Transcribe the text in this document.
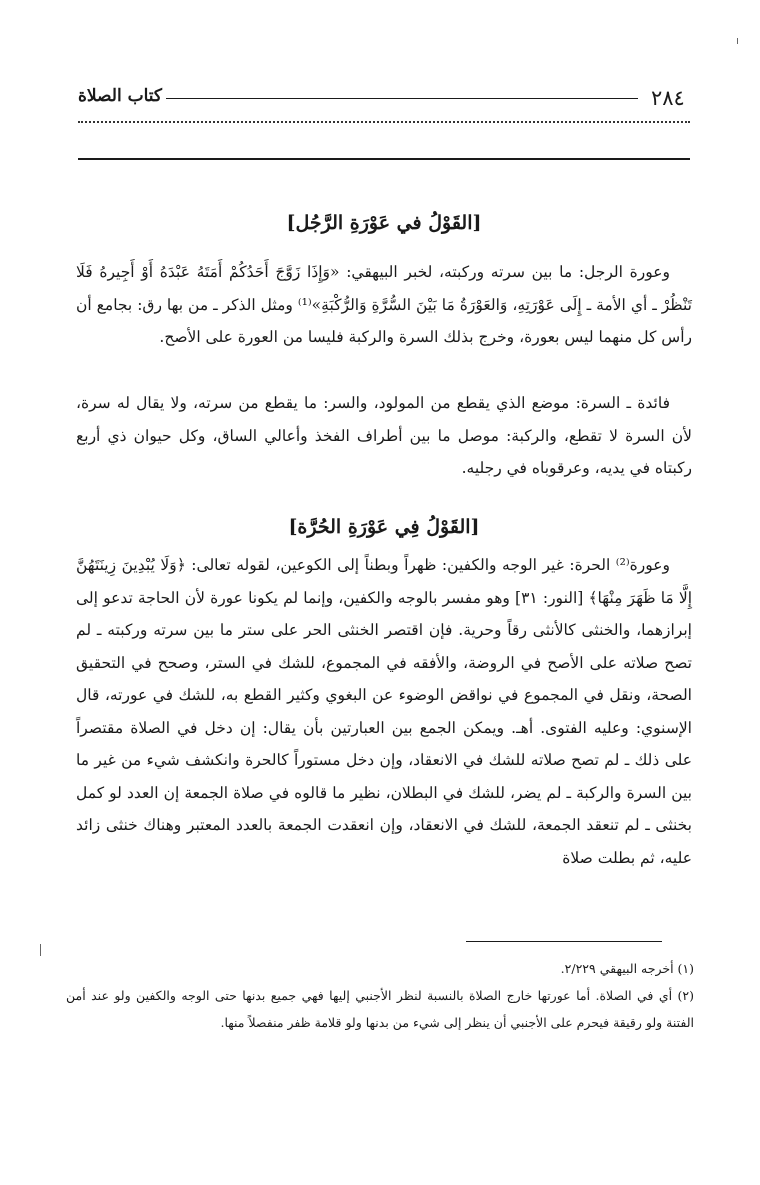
٢٨٤
كتاب الصلاة
[القَوْلُ في عَوْرَةِ الرَّجُل]

وعورة الرجل: ما بين سرته وركبته، لخبر البيهقي: «وَإِذَا زَوَّجَ أَحَدُكُمْ أَمَتَهُ عَبْدَهُ أَوْ أَجِيرهُ فَلَا تَنْظُرْ ـ أي الأمة ـ إِلَى عَوْرَتِهِ، وَالعَوْرَةُ مَا بَيْنَ السُّرَّةِ وَالرُّكْبَةِ»⁽¹⁾ ومثل الذكر ـ من بها رق: بجامع أن رأس كل منهما ليس بعورة، وخرج بذلك السرة والركبة فليسا من العورة على الأصح.

فائدة ـ السرة: موضع الذي يقطع من المولود، والسر: ما يقطع من سرته، ولا يقال له سرة، لأن السرة لا تقطع، والركبة: موصل ما بين أطراف الفخذ وأعالي الساق، وكل حيوان ذي أربع ركبتاه في يديه، وعرقوباه في رجليه.

[القَوْلُ فِي عَوْرَةِ الحُرَّة]

وعورة⁽²⁾ الحرة: غير الوجه والكفين: ظهراً وبطناً إلى الكوعين، لقوله تعالى: ﴿وَلَا يُبْدِينَ زِينَتَهُنَّ إِلَّا مَا ظَهَرَ مِنْهَا﴾ [النور: ٣١] وهو مفسر بالوجه والكفين، وإنما لم يكونا عورة لأن الحاجة تدعو إلى إبرازهما، والخنثى كالأنثى رقاً وحرية. فإن اقتصر الخنثى الحر على ستر ما بين سرته وركبته ـ لم تصح صلاته على الأصح في الروضة، والأفقه في المجموع، للشك في الستر، وصحح في التحقيق الصحة، ونقل في المجموع في نواقض الوضوء عن البغوي وكثير القطع به، للشك في عورته، قال الإسنوي: وعليه الفتوى. أهـ. ويمكن الجمع بين العبارتين بأن يقال: إن دخل في الصلاة مقتصراً على ذلك ـ لم تصح صلاته للشك في الانعقاد، وإن دخل مستوراً كالحرة وانكشف شيء من غير ما بين السرة والركبة ـ لم يضر، للشك في البطلان، نظير ما قالوه في صلاة الجمعة إن العدد لو كمل بخنثى ـ لم تنعقد الجمعة، للشك في الانعقاد، وإن انعقدت الجمعة بالعدد المعتبر وهناك خنثى زائد عليه، ثم بطلت صلاة

(١) أخرجه البيهقي ٢/٢٢٩.

(٢) أي في الصلاة. أما عورتها خارج الصلاة بالنسبة لنظر الأجنبي إليها فهي جميع بدنها حتى الوجه والكفين ولو عند أمن الفتنة ولو رقيقة فيحرم على الأجنبي أن ينظر إلى شيء من بدنها ولو قلامة ظفر منفصلاً منها.
